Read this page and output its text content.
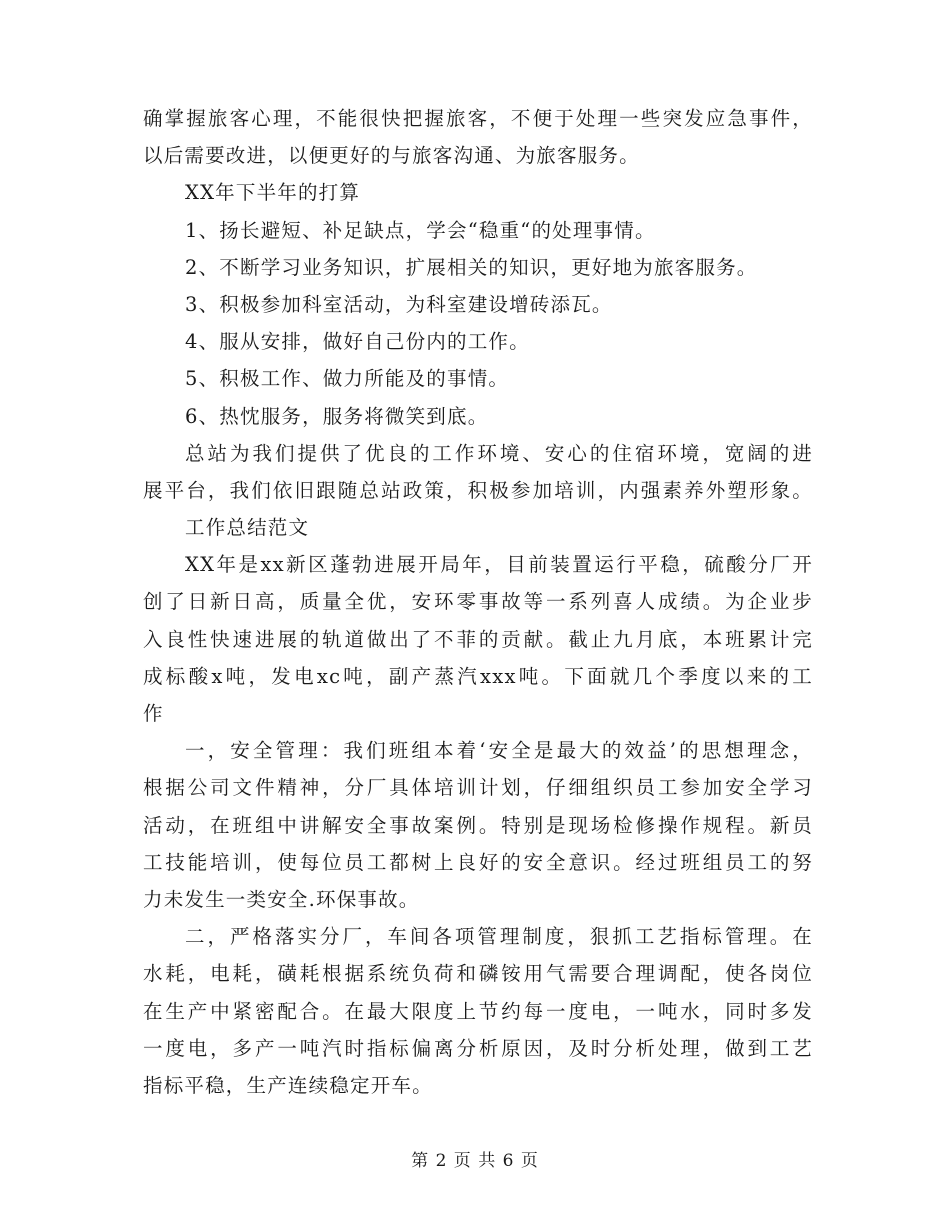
确掌握旅客心理，不能很快把握旅客，不便于处理一些突发应急事件，
以后需要改进，以便更好的与旅客沟通、为旅客服务。
XX年下半年的打算
1、扬长避短、补足缺点，学会“稳重“的处理事情。
2、不断学习业务知识，扩展相关的知识，更好地为旅客服务。
3、积极参加科室活动，为科室建设增砖添瓦。
4、服从安排，做好自己份内的工作。
5、积极工作、做力所能及的事情。
6、热忱服务，服务将微笑到底。
总站为我们提供了优良的工作环境、安心的住宿环境，宽阔的进
展平台，我们依旧跟随总站政策，积极参加培训，内强素养外塑形象。
工作总结范文
XX年是xx新区蓬勃进展开局年，目前装置运行平稳，硫酸分厂开
创了日新日高，质量全优，安环零事故等一系列喜人成绩。为企业步
入良性快速进展的轨道做出了不菲的贡献。截止九月底，本班累计完
成标酸x吨，发电xc吨，副产蒸汽xxx吨。下面就几个季度以来的工
作
一，安全管理：我们班组本着‘安全是最大的效益’的思想理念，
根据公司文件精神，分厂具体培训计划，仔细组织员工参加安全学习
活动，在班组中讲解安全事故案例。特别是现场检修操作规程。新员
工技能培训，使每位员工都树上良好的安全意识。经过班组员工的努
力未发生一类安全.环保事故。
二，严格落实分厂，车间各项管理制度，狠抓工艺指标管理。在
水耗，电耗，磺耗根据系统负荷和磷铵用气需要合理调配，使各岗位
在生产中紧密配合。在最大限度上节约每一度电，一吨水，同时多发
一度电，多产一吨汽时指标偏离分析原因，及时分析处理，做到工艺
指标平稳，生产连续稳定开车。
第 2 页 共 6 页
